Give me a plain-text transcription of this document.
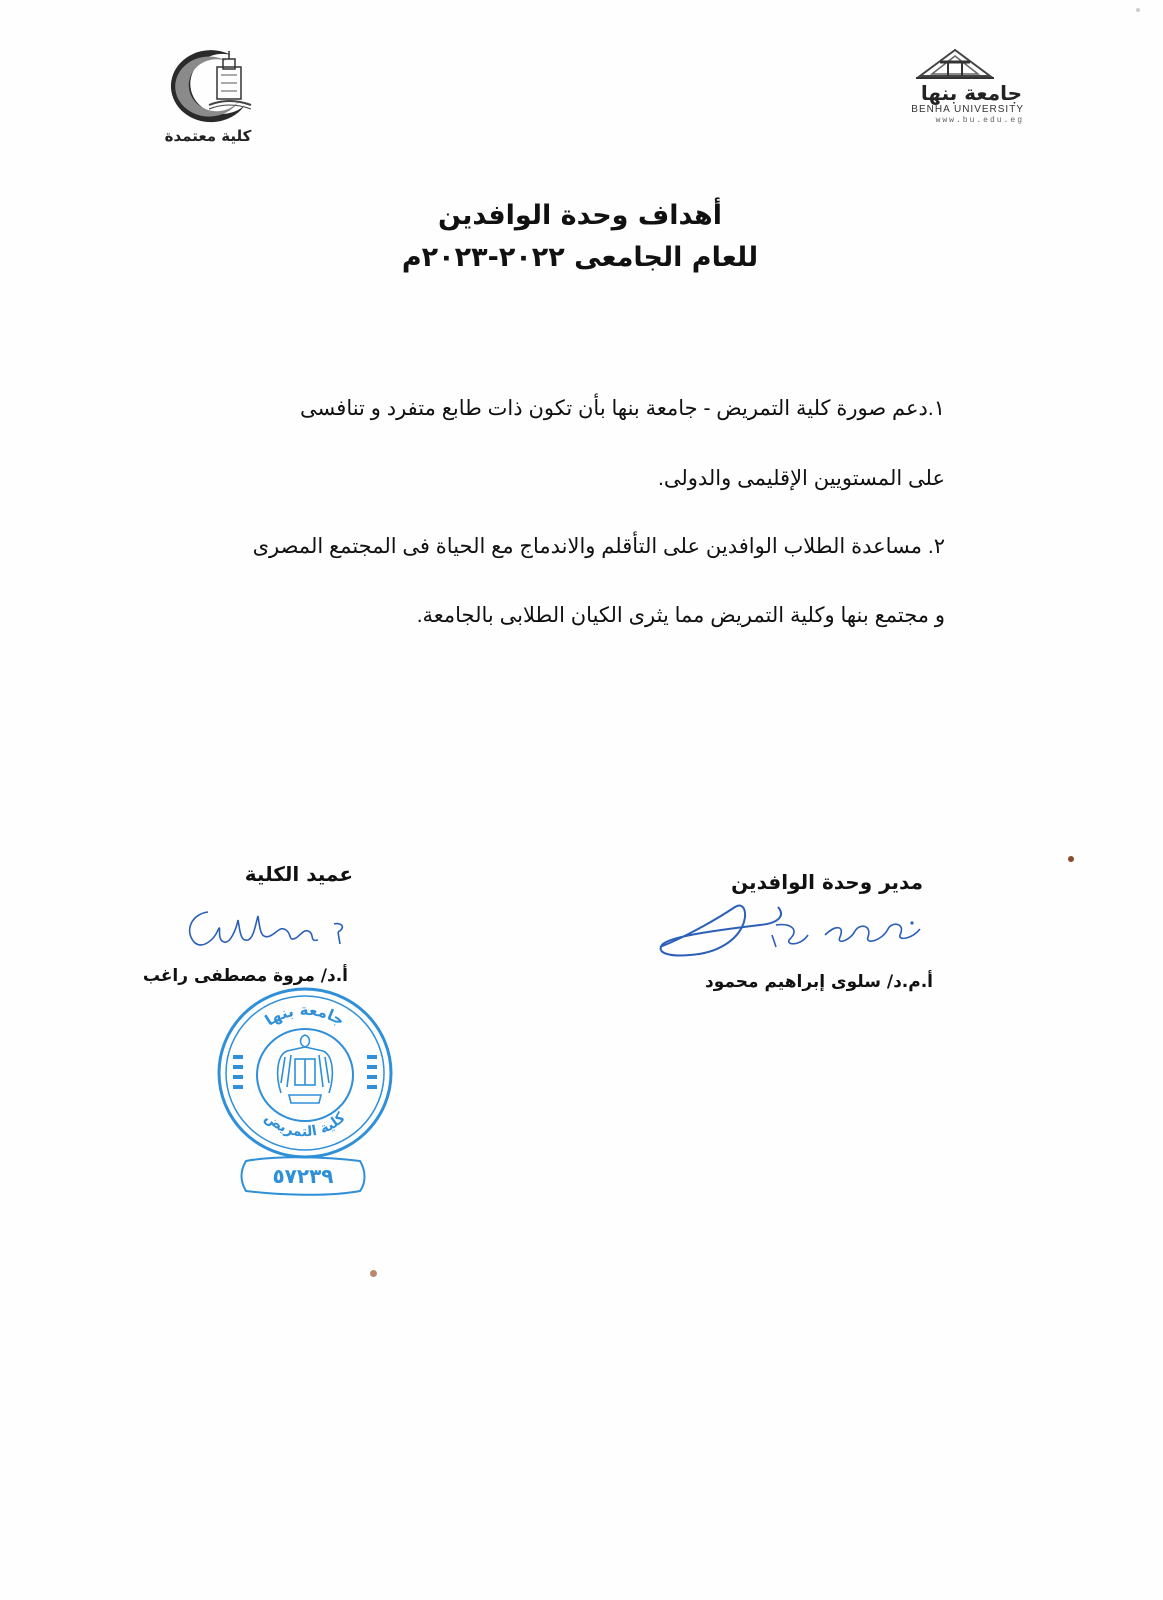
جامعة بنها
BENHA UNIVERSITY
www.bu.edu.eg
كلية معتمدة
أهداف وحدة الوافدين
للعام الجامعى ٢٠٢٢-٢٠٢٣م
١.دعم صورة كلية التمريض - جامعة بنها بأن تكون ذات طابع متفرد و تنافسى
على المستويين الإقليمى والدولى.
٢. مساعدة الطلاب الوافدين على التأقلم والاندماج مع الحياة فى المجتمع المصرى
و مجتمع بنها وكلية التمريض مما يثرى الكيان الطلابى بالجامعة.
مدير وحدة الوافدين
أ.م.د/ سلوى إبراهيم محمود
عميد الكلية
أ.د/ مروة مصطفى راغب
جامعة بنها
كلية التمريض
٥٧٢٣٩
